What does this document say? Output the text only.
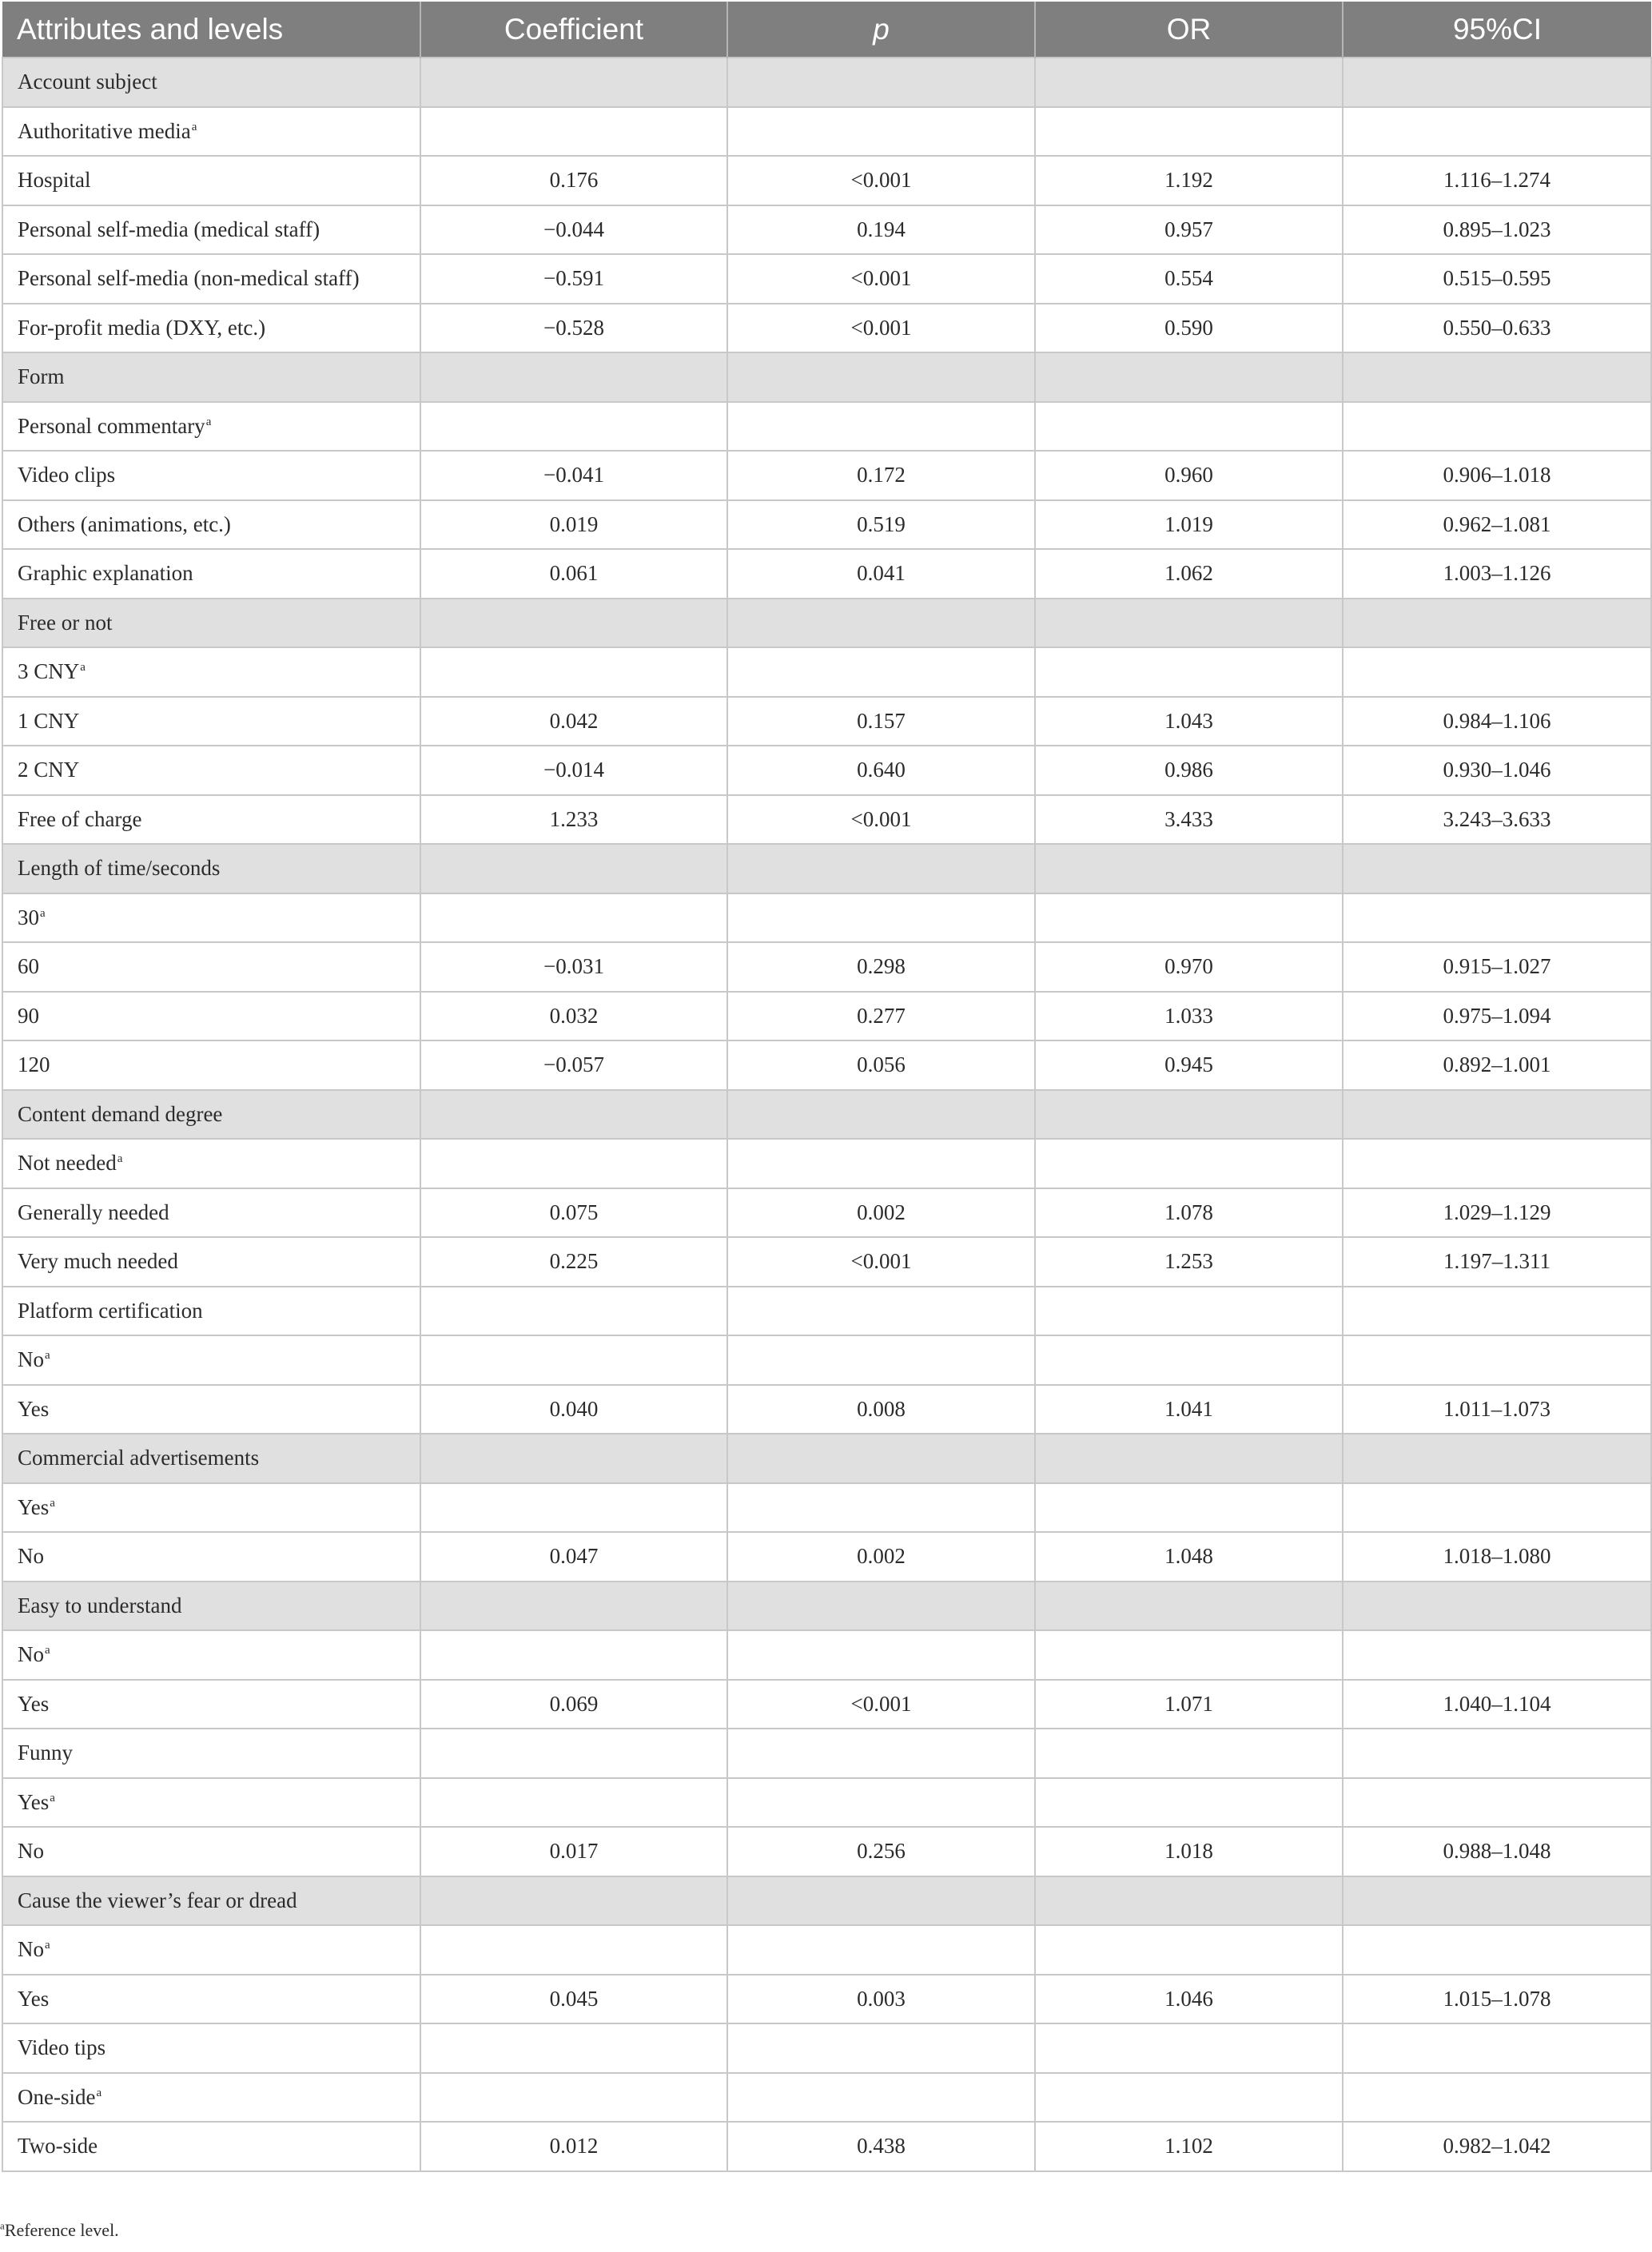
Attributes and levels	Coefficient	p	OR	95%CI
Account subject				
Authoritative media$^a$				
Hospital	0.176	<0.001	1.192	1.116–1.274
Personal self-media (medical staff)	−0.044	0.194	0.957	0.895–1.023
Personal self-media (non-medical staff)	−0.591	<0.001	0.554	0.515–0.595
For-profit media (DXY, etc.)	−0.528	<0.001	0.590	0.550–0.633
Form				
Personal commentary$^a$				
Video clips	−0.041	0.172	0.960	0.906–1.018
Others (animations, etc.)	0.019	0.519	1.019	0.962–1.081
Graphic explanation	0.061	0.041	1.062	1.003–1.126
Free or not				
3 CNY$^a$				
1 CNY	0.042	0.157	1.043	0.984–1.106
2 CNY	−0.014	0.640	0.986	0.930–1.046
Free of charge	1.233	<0.001	3.433	3.243–3.633
Length of time/seconds				
30$^a$				
60	−0.031	0.298	0.970	0.915–1.027
90	0.032	0.277	1.033	0.975–1.094
120	−0.057	0.056	0.945	0.892–1.001
Content demand degree				
Not needed$^a$				
Generally needed	0.075	0.002	1.078	1.029–1.129
Very much needed	0.225	<0.001	1.253	1.197–1.311
Platform certification				
No$^a$				
Yes	0.040	0.008	1.041	1.011–1.073
Commercial advertisements				
Yes$^a$				
No	0.047	0.002	1.048	1.018–1.080
Easy to understand				
No$^a$				
Yes	0.069	<0.001	1.071	1.040–1.104
Funny				
Yes$^a$				
No	0.017	0.256	1.018	0.988–1.048
Cause the viewer’s fear or dread				
No$^a$				
Yes	0.045	0.003	1.046	1.015–1.078
Video tips				
One-side$^a$				
Two-side	0.012	0.438	1.102	0.982–1.042
$^a$Reference level.
